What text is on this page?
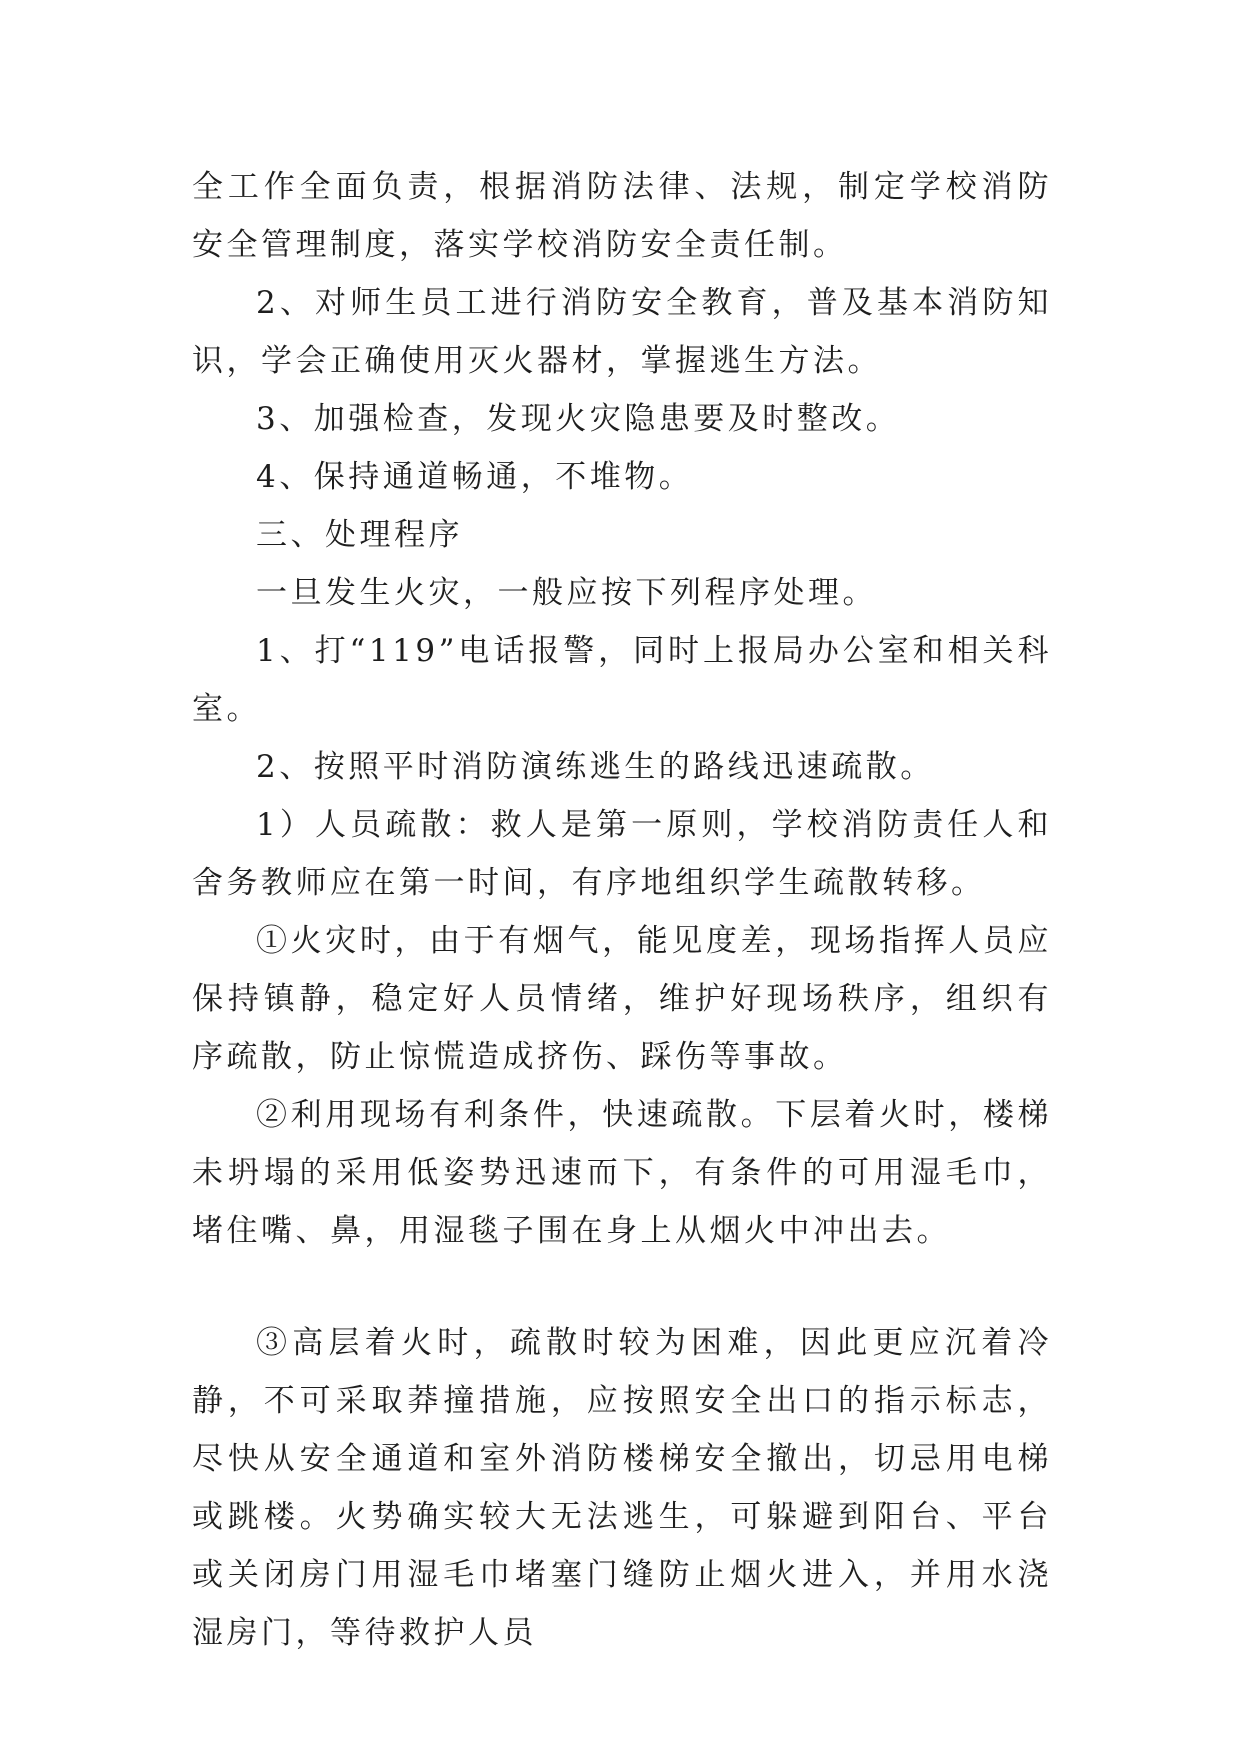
全工作全面负责，根据消防法律、法规，制定学校消防安全管理制度，落实学校消防安全责任制。

2、对师生员工进行消防安全教育，普及基本消防知识，学会正确使用灭火器材，掌握逃生方法。

3、加强检查，发现火灾隐患要及时整改。

4、保持通道畅通，不堆物。

三、处理程序

一旦发生火灾，一般应按下列程序处理。

1、打“119”电话报警，同时上报局办公室和相关科室。

2、按照平时消防演练逃生的路线迅速疏散。

1）人员疏散：救人是第一原则，学校消防责任人和舍务教师应在第一时间，有序地组织学生疏散转移。

①火灾时，由于有烟气，能见度差，现场指挥人员应保持镇静，稳定好人员情绪，维护好现场秩序，组织有序疏散，防止惊慌造成挤伤、踩伤等事故。

②利用现场有利条件，快速疏散。下层着火时，楼梯未坍塌的采用低姿势迅速而下，有条件的可用湿毛巾，堵住嘴、鼻，用湿毯子围在身上从烟火中冲出去。

③高层着火时，疏散时较为困难，因此更应沉着冷静，不可采取莽撞措施，应按照安全出口的指示标志，尽快从安全通道和室外消防楼梯安全撤出，切忌用电梯或跳楼。火势确实较大无法逃生，可躲避到阳台、平台或关闭房门用湿毛巾堵塞门缝防止烟火进入，并用水浇湿房门，等待救护人员
